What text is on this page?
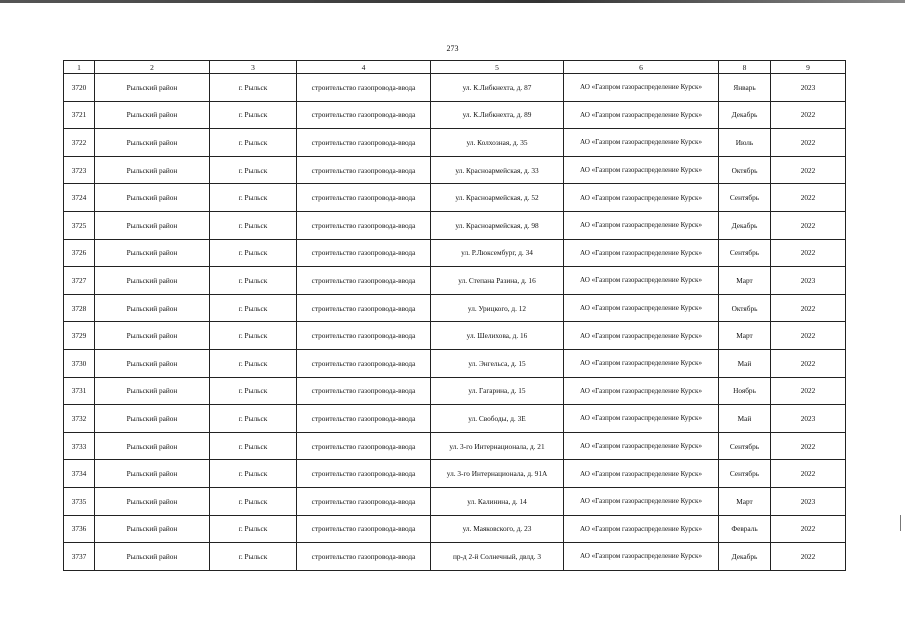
273
1	2	3	4	5	6		8	9
3720	Рыльский район	г. Рыльск	строительство газопровода-ввода	ул. К.Либкнехта, д. 87	АО «Газпром газораспределение Курск»		Январь	2023
3721	Рыльский район	г. Рыльск	строительство газопровода-ввода	ул. К.Либкнехта, д. 89	АО «Газпром газораспределение Курск»		Декабрь	2022
3722	Рыльский район	г. Рыльск	строительство газопровода-ввода	ул. Колхозная, д. 35	АО «Газпром газораспределение Курск»		Июль	2022
3723	Рыльский район	г. Рыльск	строительство газопровода-ввода	ул. Красноармейская, д. 33	АО «Газпром газораспределение Курск»		Октябрь	2022
3724	Рыльский район	г. Рыльск	строительство газопровода-ввода	ул. Красноармейская, д. 52	АО «Газпром газораспределение Курск»		Сентябрь	2022
3725	Рыльский район	г. Рыльск	строительство газопровода-ввода	ул. Красноармейская, д. 98	АО «Газпром газораспределение Курск»		Декабрь	2022
3726	Рыльский район	г. Рыльск	строительство газопровода-ввода	ул. Р.Люксембург, д. 34	АО «Газпром газораспределение Курск»		Сентябрь	2022
3727	Рыльский район	г. Рыльск	строительство газопровода-ввода	ул. Степана Разина, д. 16	АО «Газпром газораспределение Курск»		Март	2023
3728	Рыльский район	г. Рыльск	строительство газопровода-ввода	ул. Урицкого, д. 12	АО «Газпром газораспределение Курск»		Октябрь	2022
3729	Рыльский район	г. Рыльск	строительство газопровода-ввода	ул. Шелихова, д. 16	АО «Газпром газораспределение Курск»		Март	2022
3730	Рыльский район	г. Рыльск	строительство газопровода-ввода	ул. Энгельса, д. 15	АО «Газпром газораспределение Курск»		Май	2022
3731	Рыльский район	г. Рыльск	строительство газопровода-ввода	ул. Гагарина, д. 15	АО «Газпром газораспределение Курск»		Ноябрь	2022
3732	Рыльский район	г. Рыльск	строительство газопровода-ввода	ул. Свободы, д. 3Е	АО «Газпром газораспределение Курск»		Май	2023
3733	Рыльский район	г. Рыльск	строительство газопровода-ввода	ул. 3-го Интернационала, д. 21	АО «Газпром газораспределение Курск»		Сентябрь	2022
3734	Рыльский район	г. Рыльск	строительство газопровода-ввода	ул. 3-го Интернационала, д. 91А	АО «Газпром газораспределение Курск»		Сентябрь	2022
3735	Рыльский район	г. Рыльск	строительство газопровода-ввода	ул. Калинина, д. 14	АО «Газпром газораспределение Курск»		Март	2023
3736	Рыльский район	г. Рыльск	строительство газопровода-ввода	ул. Маяковского, д. 23	АО «Газпром газораспределение Курск»		Февраль	2022
3737	Рыльский район	г. Рыльск	строительство газопровода-ввода	пр-д 2-й Солнечный, двлд. 3	АО «Газпром газораспределение Курск»		Декабрь	2022
